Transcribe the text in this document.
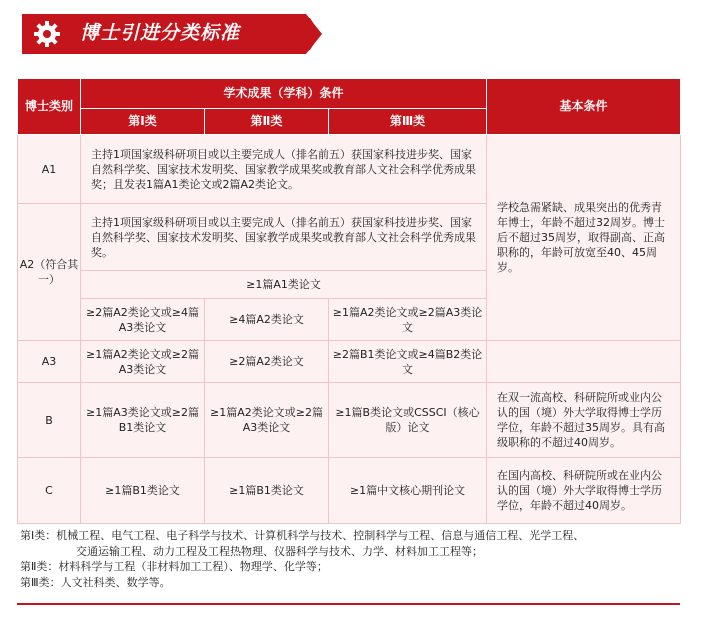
博士引进分类标准
博士类别	学术成果（学科）条件			基本条件
	第Ⅰ类	第Ⅱ类	第Ⅲ类	
A1	主持1项国家级科研项目或以主要完成人（排名前五）获国家科技进步奖、国家自然科学奖、国家技术发明奖、国家教学成果奖或教育部人文社会科学优秀成果奖；且发表1篇A1类论文或2篇A2类论文。			学校急需紧缺、成果突出的优秀青年博士，年龄不超过32周岁。博士后不超过35周岁，取得副高、正高职称的，年龄可放宽至40、45周岁。
A2（符合其一）	主持1项国家级科研项目或以主要完成人（排名前五）获国家科技进步奖、国家自然科学奖、国家技术发明奖、国家教学成果奖或教育部人文社会科学优秀成果奖。			
	≥1篇A1类论文			
	≥2篇A2类论文或≥4篇A3类论文	≥4篇A2类论文	≥1篇A2类论文或≥2篇A3类论文	
A3	≥1篇A2类论文或≥2篇A3类论文	≥2篇A2类论文	≥2篇B1类论文或≥4篇B2类论文	
B	≥1篇A3类论文或≥2篇B1类论文	≥1篇A2类论文或≥2篇A3类论文	≥1篇B类论文或CSSCI（核心版）论文	在双一流高校、科研院所或业内公认的国（境）外大学取得博士学历学位，年龄不超过35周岁。具有高级职称的不超过40周岁。
C	≥1篇B1类论文	≥1篇B1类论文	≥1篇中文核心期刊论文	在国内高校、科研院所或在业内公认的国（境）外大学取得博士学历学位，年龄不超过40周岁。
第Ⅰ类： 机械工程、电气工程、电子科学与技术、计算机科学与技术、控制科学与工程、信息与通信工程、光学工程、
交通运输工程、动力工程及工程热物理、仪器科学与技术、力学、材料加工工程等；
第Ⅱ类： 材料科学与工程（非材料加工工程）、物理学、化学等；
第Ⅲ类： 人文社科类、数学等。
